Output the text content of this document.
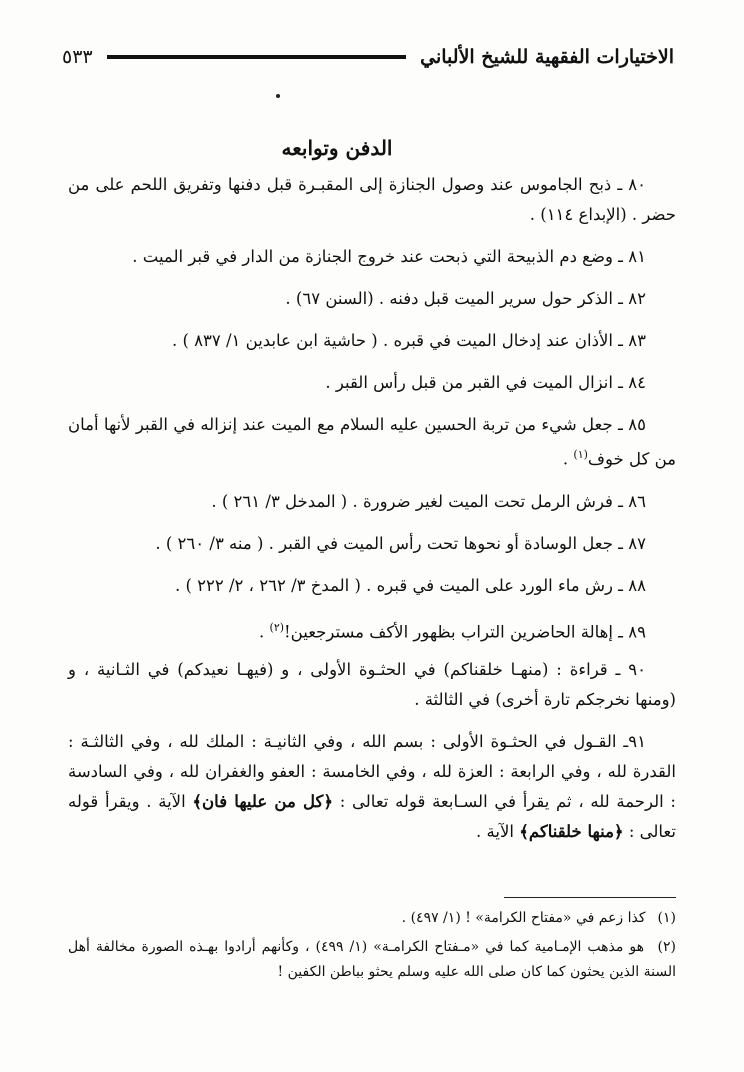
الاختيارات الفقهية للشيخ الألباني
٥٣٣
الدفن وتوابعه

٨٠ ـ ذبح الجاموس عند وصول الجنازة إلى المقبـرة قبل دفنها وتفريق اللحم على من حضر . (الإبداع ١١٤) .

٨١ ـ وضع دم الذبيحة التي ذبحت عند خروج الجنازة من الدار في قبر الميت .

٨٢ ـ الذكر حول سرير الميت قبل دفنه . (السنن ٦٧) .

٨٣ ـ الأذان عند إدخال الميت في قبره . ( حاشية ابن عابدين ١/ ٨٣٧ ) .

٨٤ ـ انزال الميت في القبر من قبل رأس القبر .

٨٥ ـ جعل شيء من تربة الحسين عليه السلام مع الميت عند إنزاله في القبر لأنها أمان من كل خوف$^{(١)}$ .

٨٦ ـ فرش الرمل تحت الميت لغير ضرورة . ( المدخل ٣/ ٢٦١ ) .

٨٧ ـ جعل الوسادة أو نحوها تحت رأس الميت في القبر . ( منه ٣/ ٢٦٠ ) .

٨٨ ـ رش ماء الورد على الميت في قبره . ( المدخ ٣/ ٢٦٢ ، ٢/ ٢٢٢ ) .

٨٩ ـ إهالة الحاضرين التراب بظهور الأكف مسترجعين!$^{(٢)}$ .

٩٠ ـ قراءة : (منهـا خلقناكم) في الحثـوة الأولى ، و (فيهـا نعيدكم) في الثـانية ، و (ومنها نخرجكم تارة أخرى) في الثالثة .

٩١ـ القـول في الحثـوة الأولى : بسم الله ، وفي الثانيـة : الملك لله ، وفي الثالثـة : القدرة لله ، وفي الرابعة : العزة لله ، وفي الخامسة : العفو والغفران لله ، وفي السادسة : الرحمة لله ، ثم يقرأ في السـابعة قوله تعالى : ﴿كل من عليها فان﴾ الآية . ويقرأ قوله تعالى : ﴿منها خلقناكم﴾ الآية .

(١) كذا زعم في «مفتاح الكرامة» ! (١/ ٤٩٧) .

(٢) هو مذهب الإمـامية كما في «مـفتاح الكرامـة» (١/ ٤٩٩) ، وكأنهم أرادوا بهـذه الصورة مخالفة أهل السنة الذين يحثون كما كان صلى الله عليه وسلم يحثو بباطن الكفين !
